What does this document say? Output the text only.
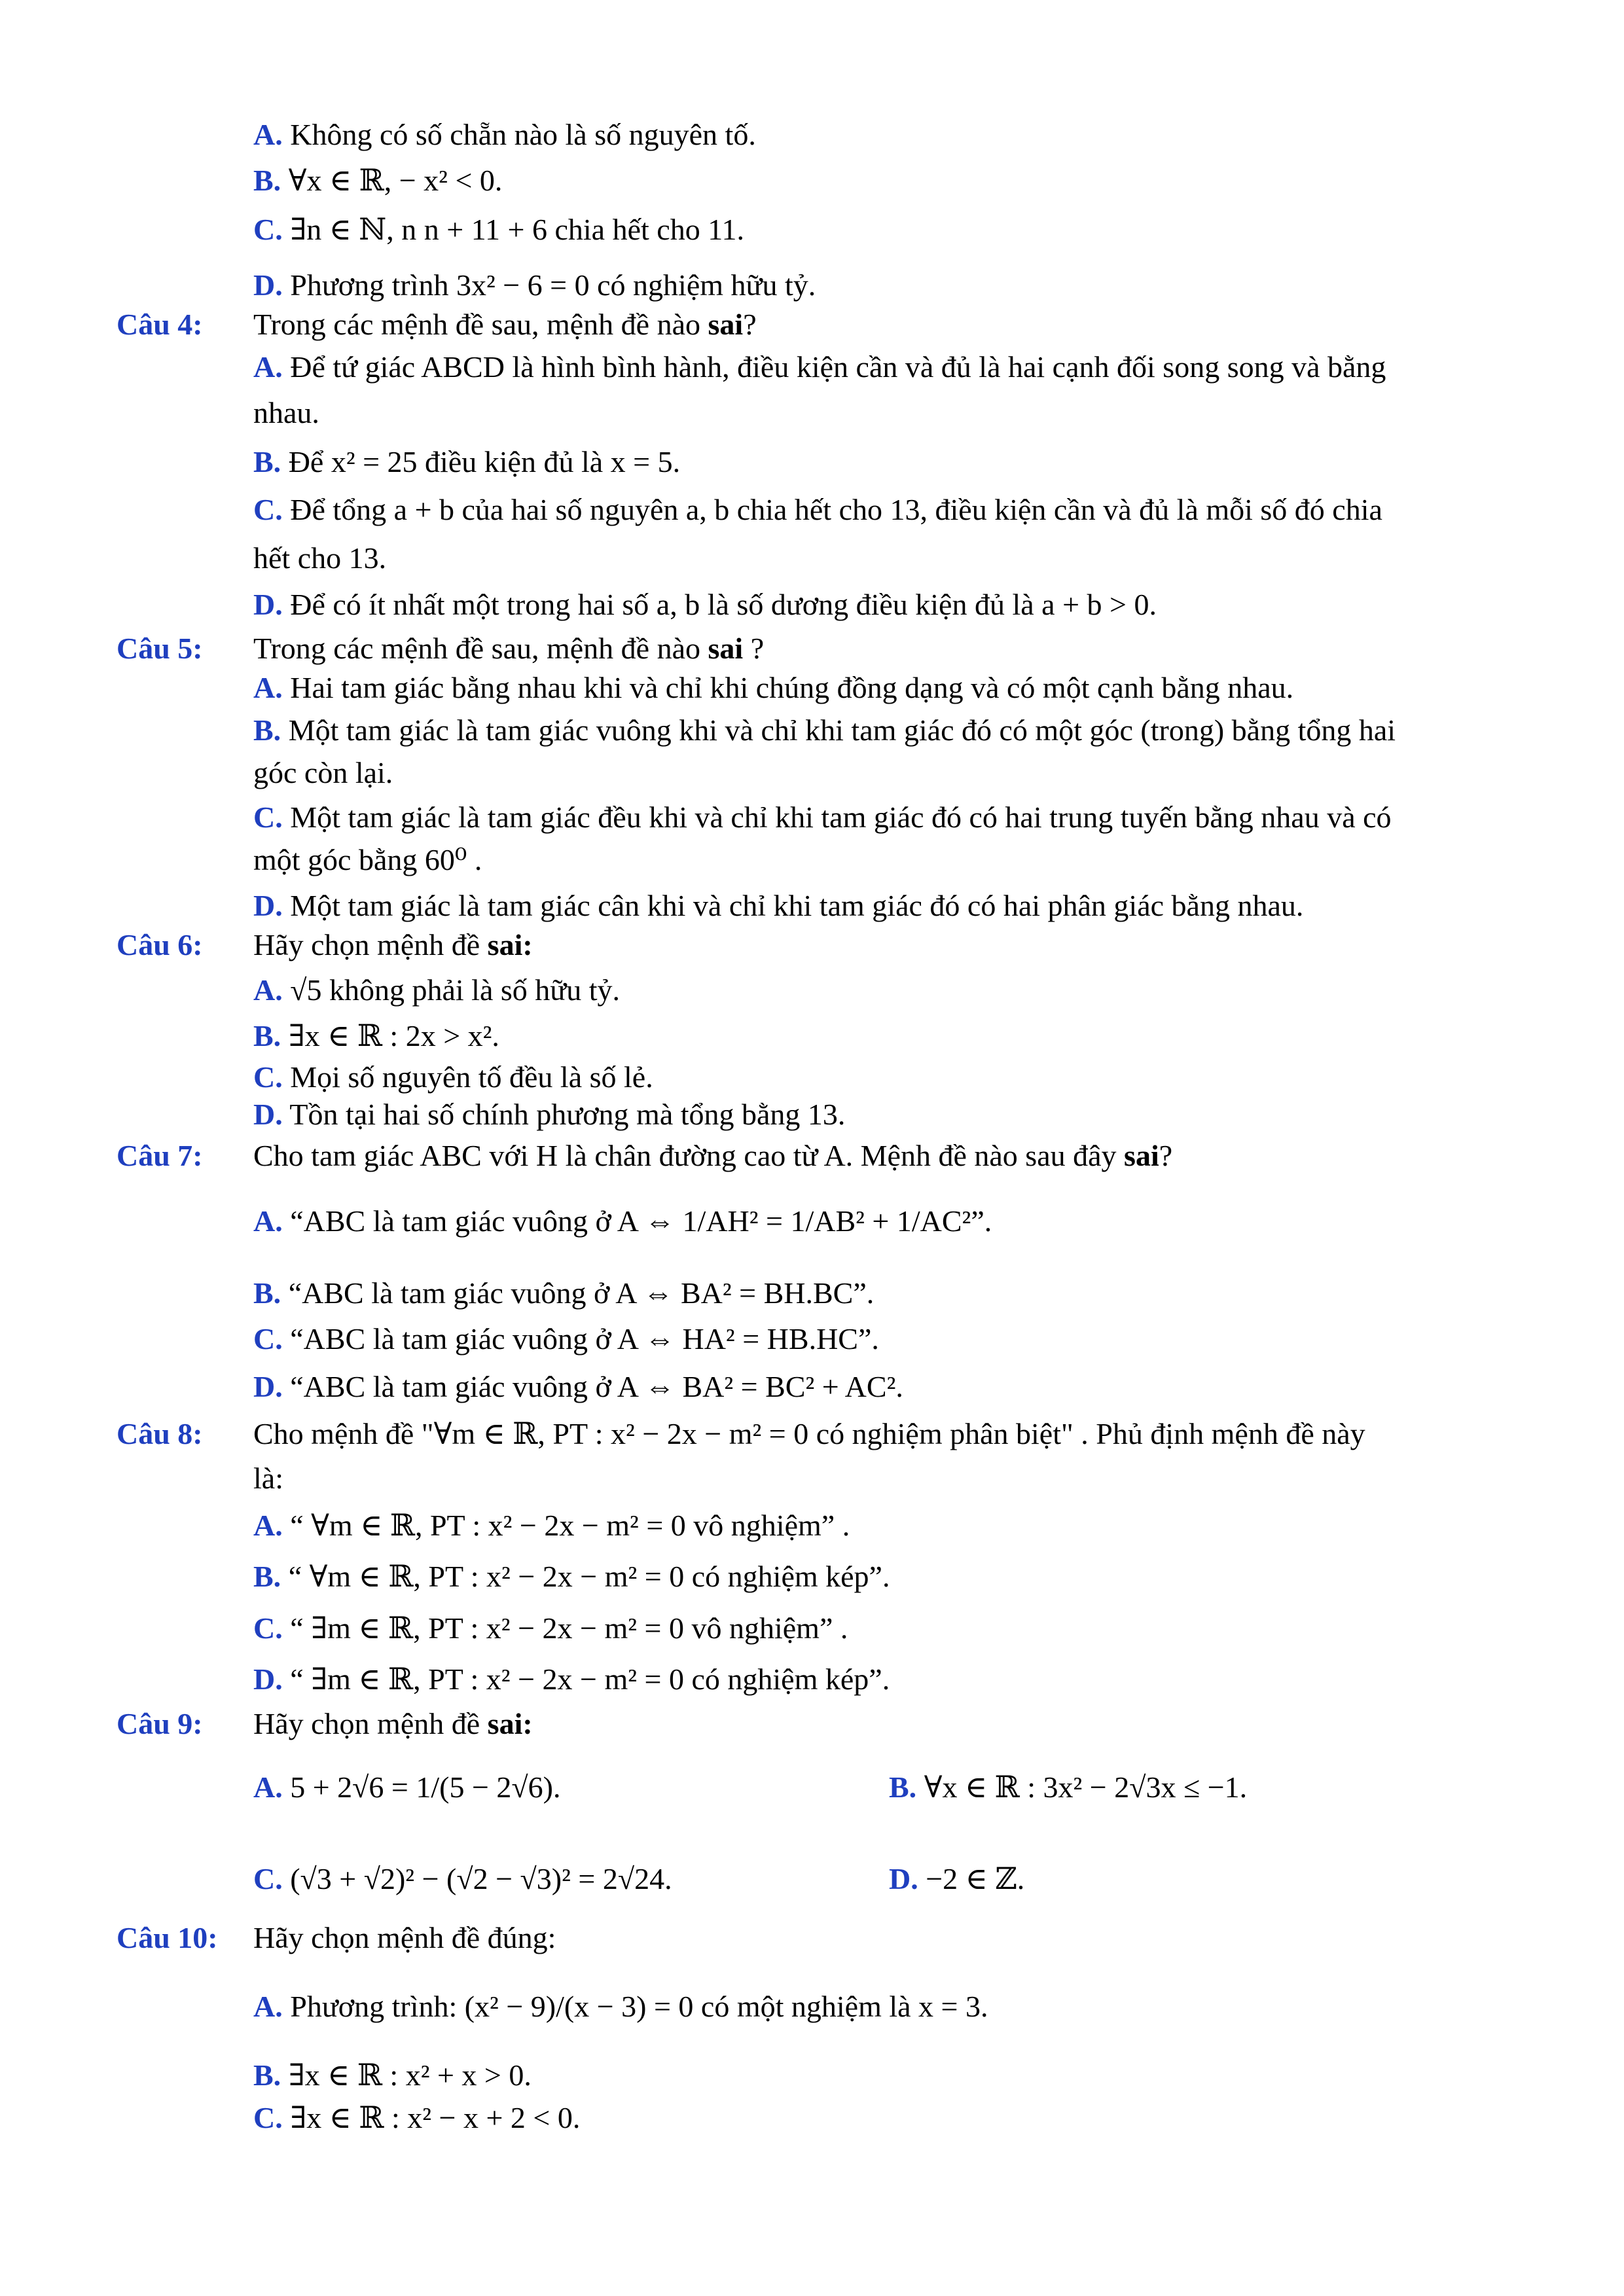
A. Không có số chẵn nào là số nguyên tố.
B. ∀x ∈ ℝ, − x² < 0.
C. ∃n ∈ ℕ, n n + 11 + 6 chia hết cho 11.
D. Phương trình 3x² − 6 = 0 có nghiệm hữu tỷ.
Câu 4: Trong các mệnh đề sau, mệnh đề nào sai?
A. Để tứ giác ABCD là hình bình hành, điều kiện cần và đủ là hai cạnh đối song song và bằng
nhau.
B. Để x² = 25 điều kiện đủ là x = 5.
C. Để tổng a + b của hai số nguyên a, b chia hết cho 13, điều kiện cần và đủ là mỗi số đó chia
hết cho 13.
D. Để có ít nhất một trong hai số a, b là số dương điều kiện đủ là a + b > 0.
Câu 5: Trong các mệnh đề sau, mệnh đề nào sai ?
A. Hai tam giác bằng nhau khi và chỉ khi chúng đồng dạng và có một cạnh bằng nhau.
B. Một tam giác là tam giác vuông khi và chỉ khi tam giác đó có một góc (trong) bằng tổng hai
góc còn lại.
C. Một tam giác là tam giác đều khi và chỉ khi tam giác đó có hai trung tuyến bằng nhau và có
một góc bằng 60⁰ .
D. Một tam giác là tam giác cân khi và chỉ khi tam giác đó có hai phân giác bằng nhau.
Câu 6: Hãy chọn mệnh đề sai:
A. √5 không phải là số hữu tỷ.
B. ∃x ∈ ℝ : 2x > x².
C. Mọi số nguyên tố đều là số lẻ.
D. Tồn tại hai số chính phương mà tổng bằng 13.
Câu 7: Cho tam giác ABC với H là chân đường cao từ A. Mệnh đề nào sau đây sai?
A. “ABC là tam giác vuông ở A ⇔ 1/AH² = 1/AB² + 1/AC²”.
B. “ABC là tam giác vuông ở A ⇔ BA² = BH.BC”.
C. “ABC là tam giác vuông ở A ⇔ HA² = HB.HC”.
D. “ABC là tam giác vuông ở A ⇔ BA² = BC² + AC².
Câu 8: Cho mệnh đề "∀m ∈ ℝ, PT : x² − 2x − m² = 0 có nghiệm phân biệt" . Phủ định mệnh đề này
là:
A. “ ∀m ∈ ℝ, PT : x² − 2x − m² = 0 vô nghiệm” .
B. “ ∀m ∈ ℝ, PT : x² − 2x − m² = 0 có nghiệm kép”.
C. “ ∃m ∈ ℝ, PT : x² − 2x − m² = 0 vô nghiệm” .
D. “ ∃m ∈ ℝ, PT : x² − 2x − m² = 0 có nghiệm kép”.
Câu 9: Hãy chọn mệnh đề sai:
A. 5 + 2√6 = 1/(5 − 2√6).	B. ∀x ∈ ℝ : 3x² − 2√3x ≤ −1.
C. (√3 + √2)² − (√2 − √3)² = 2√24.	D. −2 ∈ ℤ.
Câu 10: Hãy chọn mệnh đề đúng:
A. Phương trình: (x² − 9)/(x − 3) = 0 có một nghiệm là x = 3.
B. ∃x ∈ ℝ : x² + x > 0.
C. ∃x ∈ ℝ : x² − x + 2 < 0.
